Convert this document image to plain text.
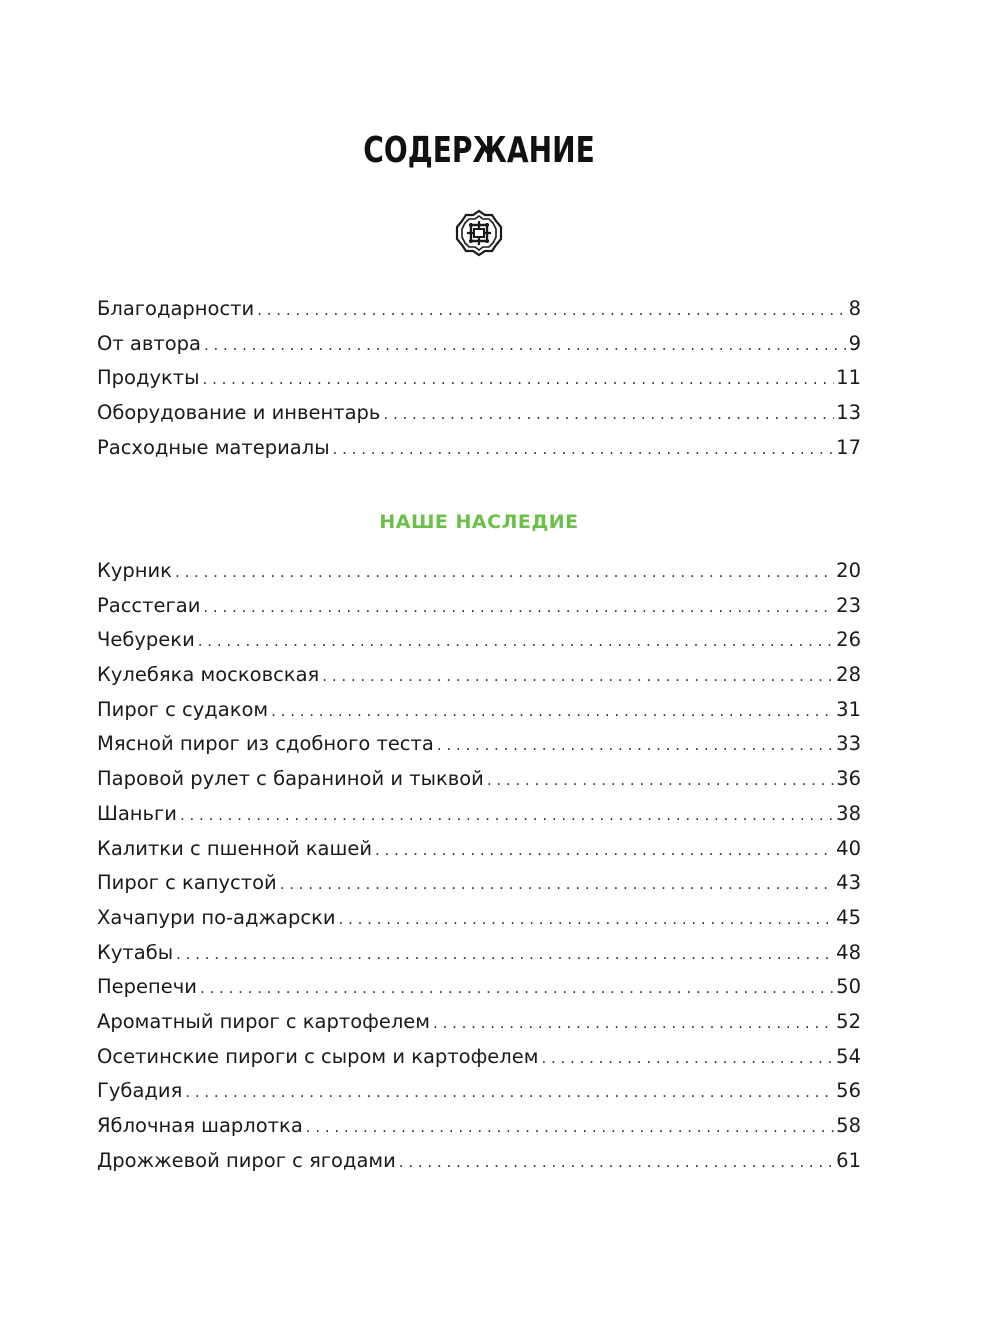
СОДЕРЖАНИЕ
Благодарности . . .	8
От автора . . .	9
Продукты . . .	11
Оборудование и инвентарь . . .	13
Расходные материалы . . .	17
НАШЕ НАСЛЕДИЕ
Курник . . .	20
Расстегаи . . .	23
Чебуреки . . .	26
Кулебяка московская . . .	28
Пирог с судаком . . .	31
Мясной пирог из сдобного теста . . .	33
Паровой рулет с бараниной и тыквой . . .	36
Шаньги . . .	38
Калитки с пшенной кашей . . .	40
Пирог с капустой . . .	43
Хачапури по-аджарски . . .	45
Кутабы . . .	48
Перепечи . . .	50
Ароматный пирог с картофелем . . .	52
Осетинские пироги с сыром и картофелем . . .	54
Губадия . . .	56
Яблочная шарлотка . . .	58
Дрожжевой пирог с ягодами . . .	61
